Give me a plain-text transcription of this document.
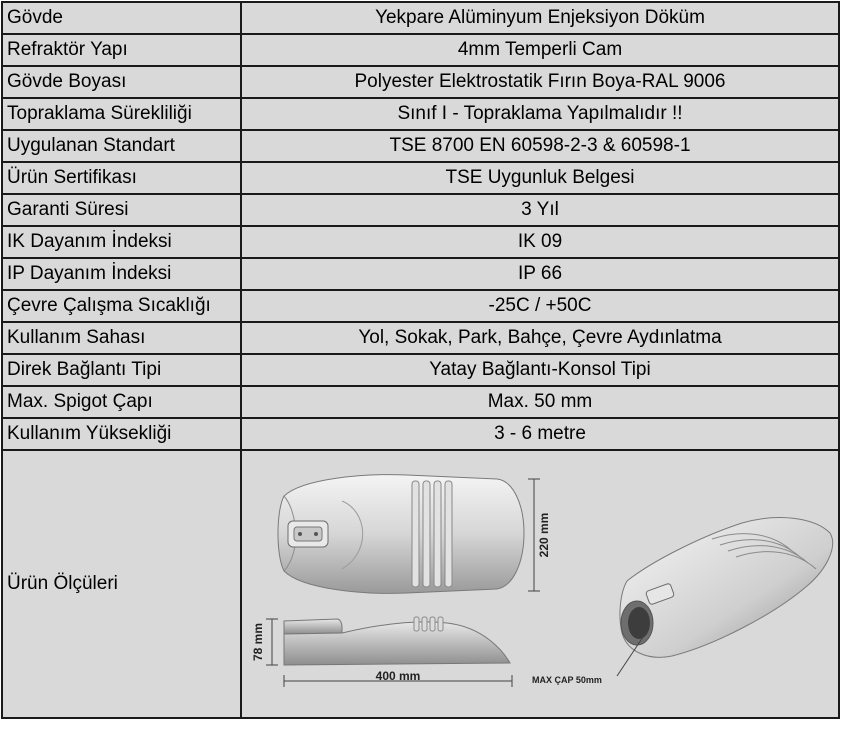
Gövde	Yekpare Alüminyum Enjeksiyon Döküm
Refraktör Yapı	4mm Temperli Cam
Gövde Boyası	Polyester Elektrostatik Fırın Boya-RAL 9006
Topraklama Sürekliliği	Sınıf I - Topraklama Yapılmalıdır !!
Uygulanan Standart	TSE 8700 EN 60598-2-3 & 60598-1
Ürün Sertifikası	TSE Uygunluk Belgesi
Garanti Süresi	3 Yıl
IK Dayanım İndeksi	IK 09
IP Dayanım İndeksi	IP 66
Çevre Çalışma Sıcaklığı	-25C / +50C
Kullanım Sahası	Yol, Sokak, Park, Bahçe, Çevre Aydınlatma
Direk Bağlantı Tipi	Yatay Bağlantı-Konsol Tipi
Max. Spigot Çapı	Max. 50 mm
Kullanım Yüksekliği	3 - 6 metre
Ürün Ölçüleri	220 mm
78 mm
400 mm MAX ÇAP 50mm
